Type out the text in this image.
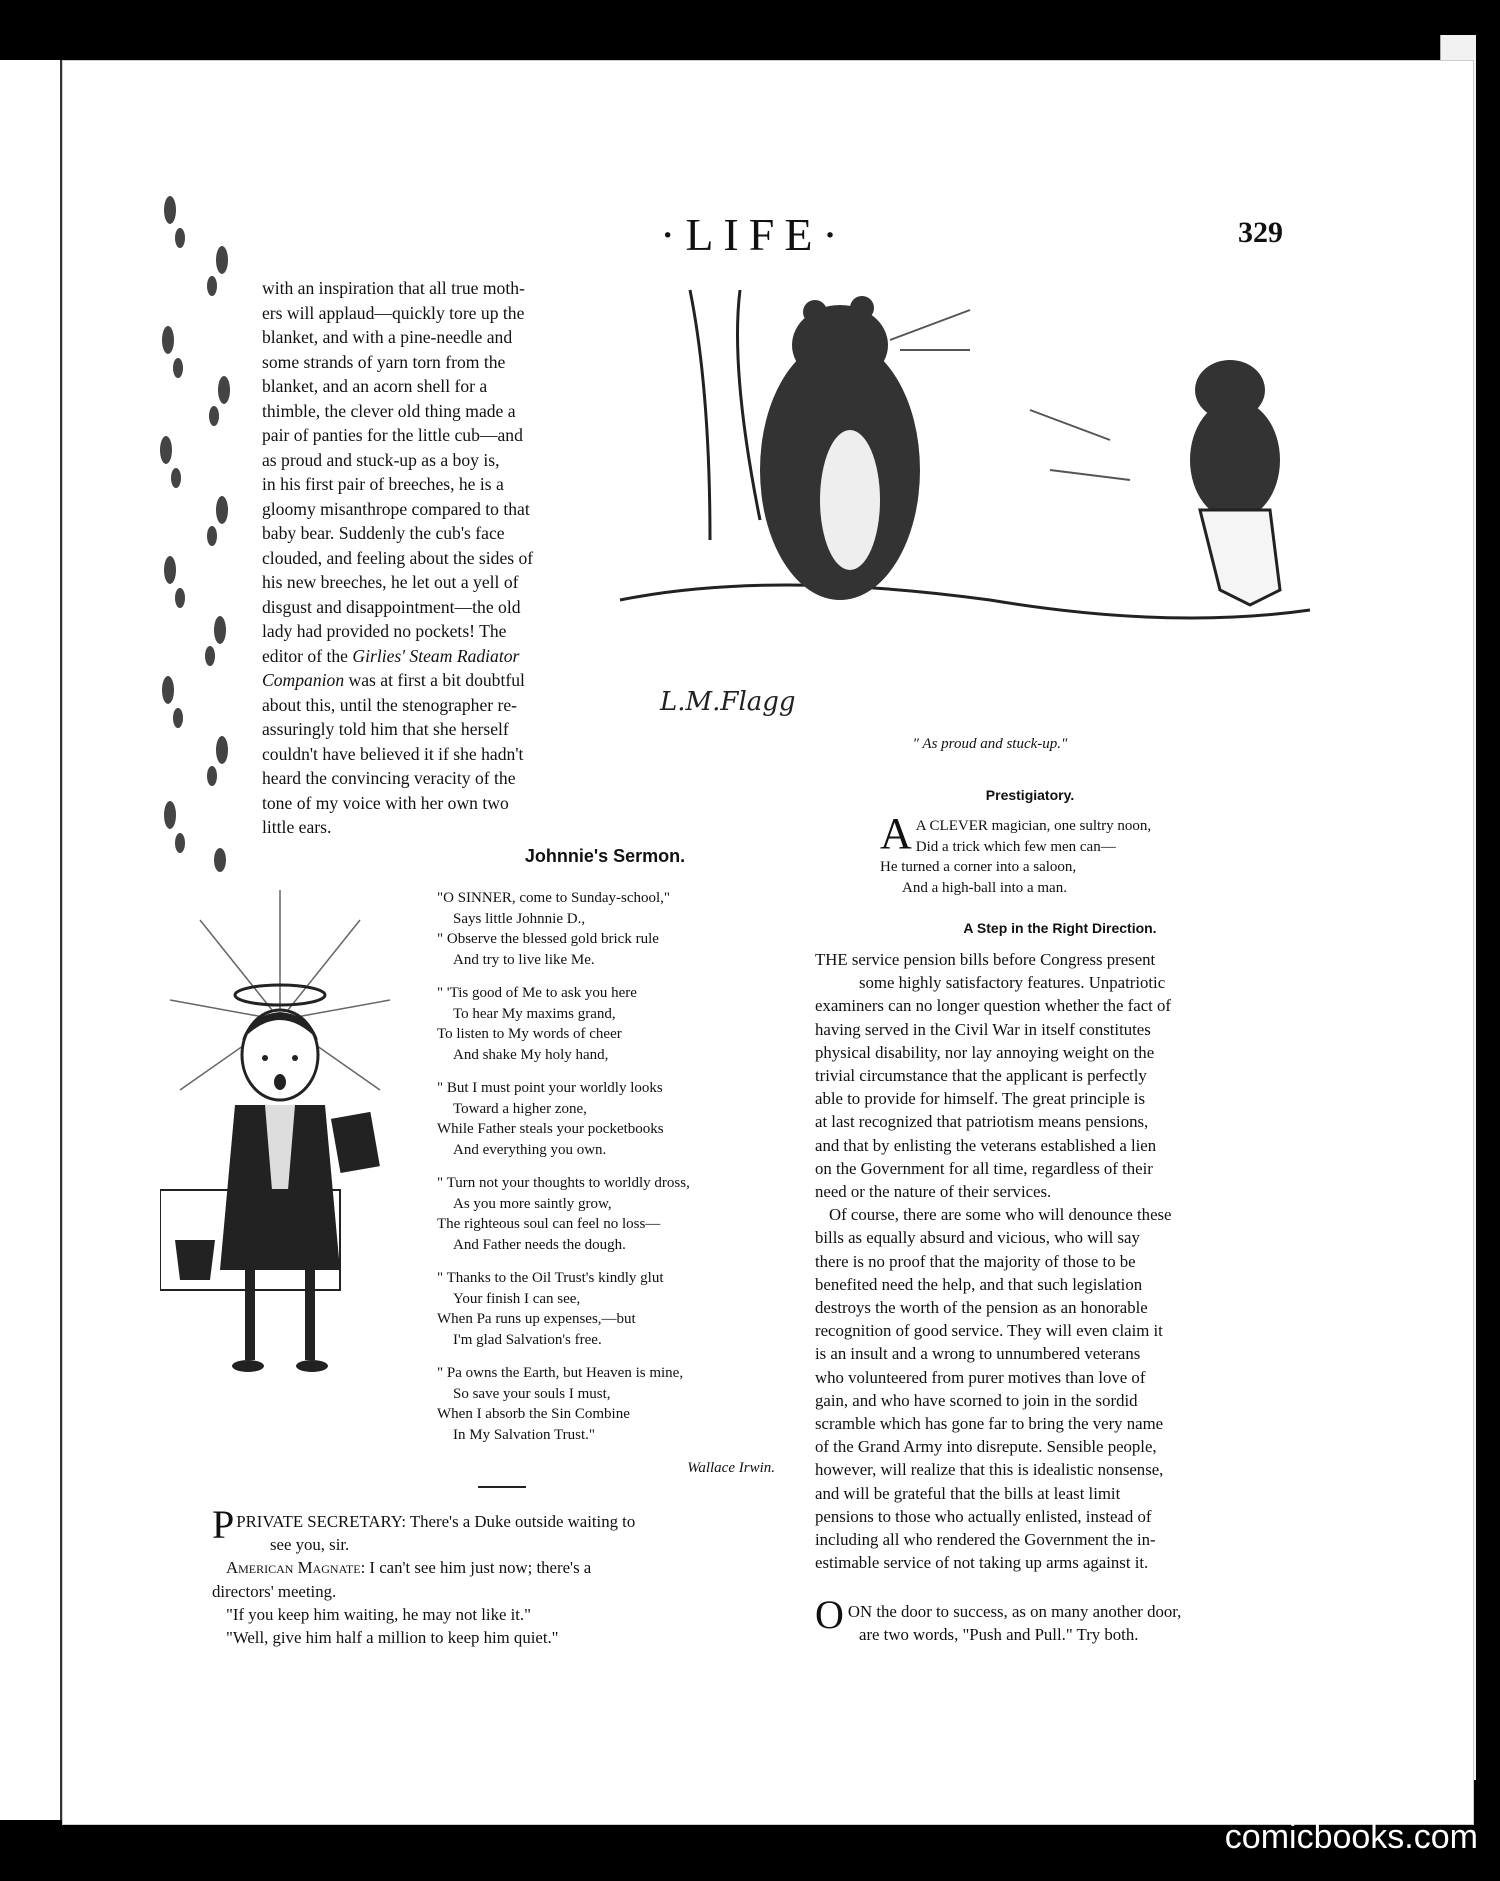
·LIFE·	329

with an inspiration that all true moth-

ers will applaud—quickly tore up the

blanket, and with a pine-needle and

some strands of yarn torn from the

blanket, and an acorn shell for a

thimble, the clever old thing made a

pair of panties for the little cub—and

as proud and stuck-up as a boy is,

in his first pair of breeches, he is a

gloomy misanthrope compared to that

baby bear. Suddenly the cub's face

clouded, and feeling about the sides of

his new breeches, he let out a yell of

disgust and disappointment—the old

lady had provided no pockets! The

editor of the Girlies' Steam Radiator

Companion was at first a bit doubtful

about this, until the stenographer re-

assuringly told him that she herself

couldn't have believed it if she hadn't

heard the convincing veracity of the

tone of my voice with her own two

little ears.

L.M.Flagg
" As proud and stuck-up."
Prestigiatory.
A A CLEVER magician, one sultry noon,
Did a trick which few men can—
He turned a corner into a saloon,
And a high-ball into a man.
A Step in the Right Direction.

THE service pension bills before Congress present

some highly satisfactory features. Unpatriotic

examiners can no longer question whether the fact of

having served in the Civil War in itself constitutes

physical disability, nor lay annoying weight on the

trivial circumstance that the applicant is perfectly

able to provide for himself. The great principle is

at last recognized that patriotism means pensions,

and that by enlisting the veterans established a lien

on the Government for all time, regardless of their

need or the nature of their services.

Of course, there are some who will denounce these

bills as equally absurd and vicious, who will say

there is no proof that the majority of those to be

benefited need the help, and that such legislation

destroys the worth of the pension as an honorable

recognition of good service. They will even claim it

is an insult and a wrong to unnumbered veterans

who volunteered from purer motives than love of

gain, and who have scorned to join in the sordid

scramble which has gone far to bring the very name

of the Grand Army into disrepute. Sensible people,

however, will realize that this is idealistic nonsense,

and will be grateful that the bills at least limit

pensions to those who actually enlisted, instead of

including all who rendered the Government the in-

estimable service of not taking up arms against it.

OON the door to success, as on many another door,

are two words, "Push and Pull." Try both.

Johnnie's Sermon.
"O SINNER, come to Sunday-school,"
Says little Johnnie D.,
" Observe the blessed gold brick rule
And try to live like Me.
" 'Tis good of Me to ask you here
To hear My maxims grand,
To listen to My words of cheer
And shake My holy hand,
" But I must point your worldly looks
Toward a higher zone,
While Father steals your pocketbooks
And everything you own.
" Turn not your thoughts to worldly dross,
As you more saintly grow,
The righteous soul can feel no loss—
And Father needs the dough.
" Thanks to the Oil Trust's kindly glut
Your finish I can see,
When Pa runs up expenses,—but
I'm glad Salvation's free.
" Pa owns the Earth, but Heaven is mine,
So save your souls I must,
When I absorb the Sin Combine
In My Salvation Trust."
Wallace Irwin.

PPRIVATE SECRETARY: There's a Duke outside waiting to

see you, sir.

American Magnate: I can't see him just now; there's a

directors' meeting.

"If you keep him waiting, he may not like it."

"Well, give him half a million to keep him quiet."

comicbooks.com
